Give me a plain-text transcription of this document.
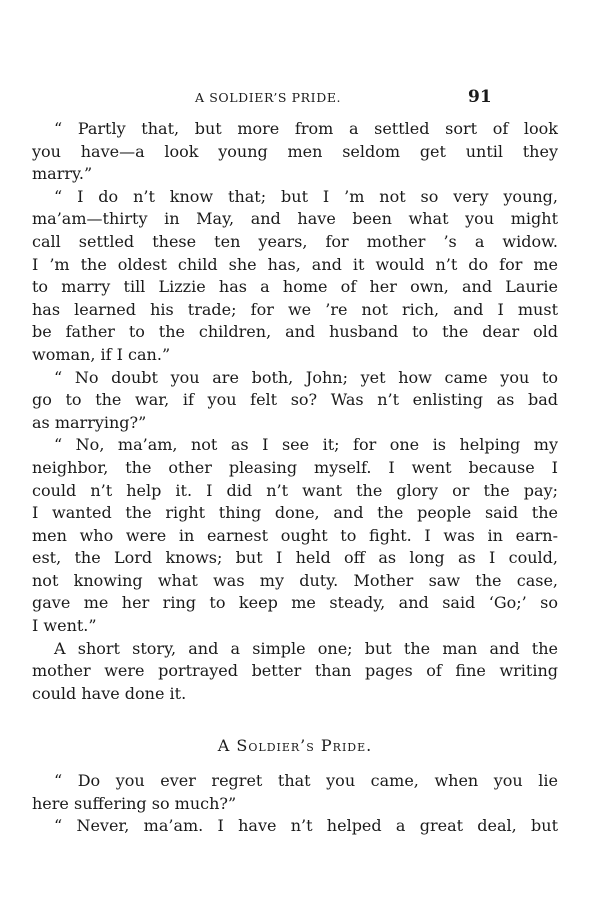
A SOLDIER’S PRIDE.	91
“ Partly that, but more from a settled sort of look
you have—a look young men seldom get until they
marry.”
“ I do n’t know that; but I ’m not so very young,
ma’am—thirty in May, and have been what you might
call settled these ten years, for mother ’s a widow.
I ’m the oldest child she has, and it would n’t do for me
to marry till Lizzie has a home of her own, and Laurie
has learned his trade; for we ’re not rich, and I must
be father to the children, and husband to the dear old
woman, if I can.”
“ No doubt you are both, John; yet how came you to
go to the war, if you felt so? Was n’t enlisting as bad
as marrying?”
“ No, ma’am, not as I see it; for one is helping my
neighbor, the other pleasing myself. I went because I
could n’t help it. I did n’t want the glory or the pay;
I wanted the right thing done, and the people said the
men who were in earnest ought to fight. I was in earn-
est, the Lord knows; but I held off as long as I could,
not knowing what was my duty. Mother saw the case,
gave me her ring to keep me steady, and said ‘Go;’ so
I went.”
A short story, and a simple one; but the man and the
mother were portrayed better than pages of fine writing
could have done it.
A Soldier’s Pride.
“ Do you ever regret that you came, when you lie
here suffering so much?”
“ Never, ma’am. I have n’t helped a great deal, but
